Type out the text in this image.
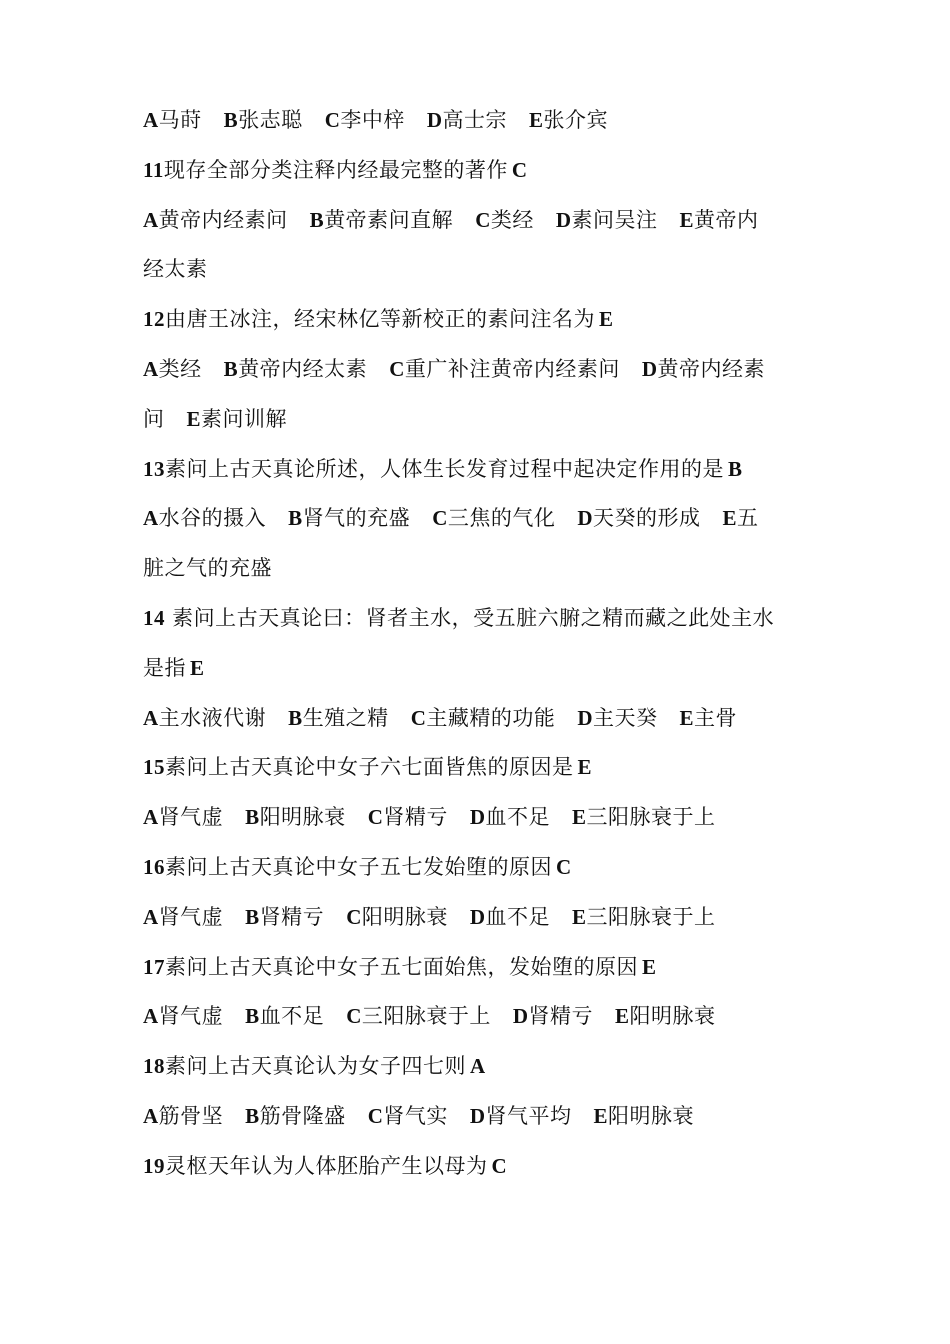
A马莳 B张志聪 C李中梓 D高士宗 E张介宾
11现存全部分类注释内经最完整的著作 C
A黄帝内经素问 B黄帝素问直解 C类经 D素问吴注 E黄帝内
经太素
12由唐王冰注，经宋林亿等新校正的素问注名为 E
A类经 B黄帝内经太素 C重广补注黄帝内经素问 D黄帝内经素
问 E素问训解
13素问上古天真论所述，人体生长发育过程中起决定作用的是 B
A水谷的摄入 B肾气的充盛 C三焦的气化 D天癸的形成 E五
脏之气的充盛
14 素问上古天真论曰：肾者主水，受五脏六腑之精而藏之此处主水
是指 E
A主水液代谢 B生殖之精 C主藏精的功能 D主天癸 E主骨
15素问上古天真论中女子六七面皆焦的原因是 E
A肾气虚 B阳明脉衰 C肾精亏 D血不足 E三阳脉衰于上
16素问上古天真论中女子五七发始堕的原因 C
A肾气虚 B肾精亏 C阳明脉衰 D血不足 E三阳脉衰于上
17素问上古天真论中女子五七面始焦，发始堕的原因 E
A肾气虚 B血不足 C三阳脉衰于上 D肾精亏 E阳明脉衰
18素问上古天真论认为女子四七则 A
A筋骨坚 B筋骨隆盛 C肾气实 D肾气平均 E阳明脉衰
19灵枢天年认为人体胚胎产生以母为 C
